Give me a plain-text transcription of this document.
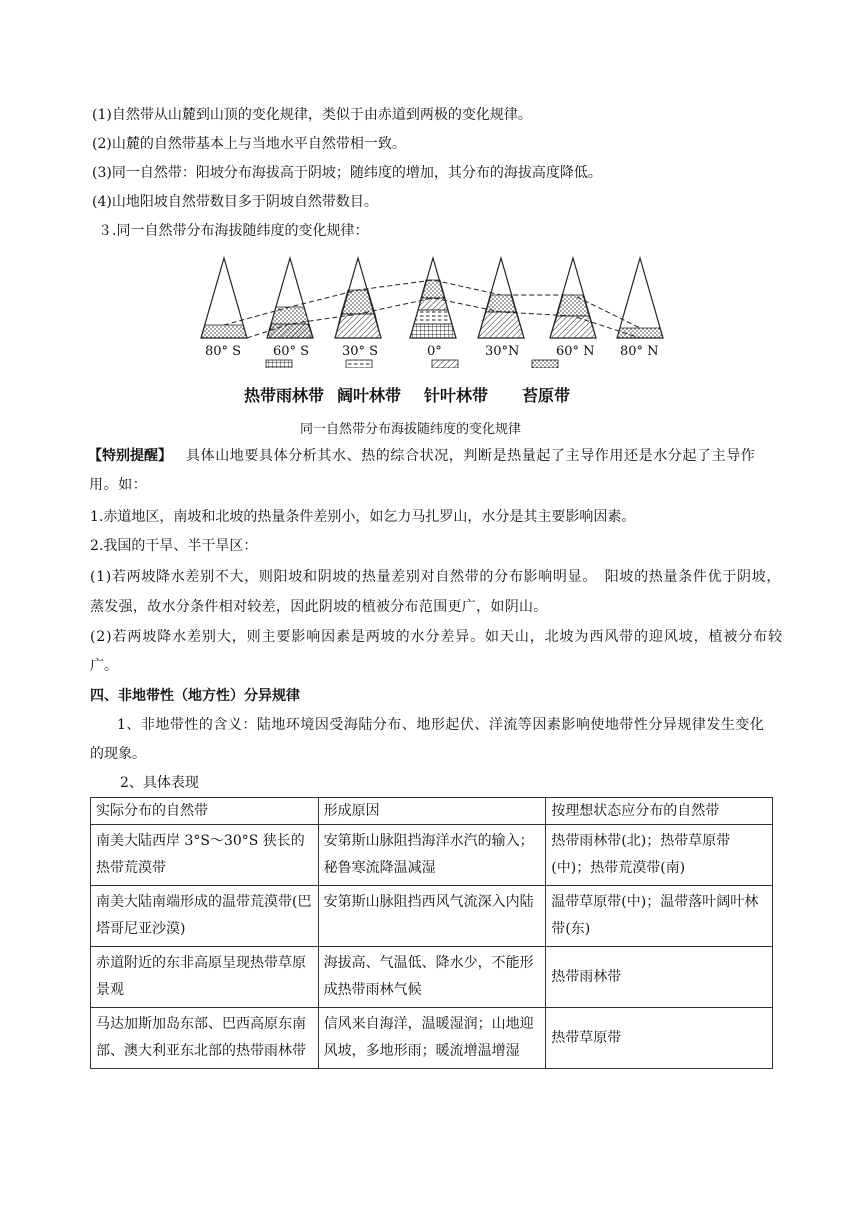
(1)自然带从山麓到山顶的变化规律，类似于由赤道到两极的变化规律。
(2)山麓的自然带基本上与当地水平自然带相一致。
(3)同一自然带：阳坡分布海拔高于阴坡；随纬度的增加，其分布的海拔高度降低。
(4)山地阳坡自然带数目多于阴坡自然带数目。
３.同一自然带分布海拔随纬度的变化规律：
80° S 60° S	30° S	0°	30°N	60° N 80° N
热带雨林带 阔叶林带 针叶林带 苔原带
同一自然带分布海拔随纬度的变化规律
【特别提醒】 具体山地要具体分析其水、热的综合状况，判断是热量起了主导作用还是水分起了主导作
用。如：
1.赤道地区，南坡和北坡的热量条件差别小，如乞力马扎罗山，水分是其主要影响因素。
2.我国的干旱、半干旱区：
(1)若两坡降水差别不大，则阳坡和阴坡的热量差别对自然带的分布影响明显。　阳坡的热量条件优于阴坡，
蒸发强，故水分条件相对较差，因此阴坡的植被分布范围更广，如阴山。
(2)若两坡降水差别大，则主要影响因素是两坡的水分差异。如天山，北坡为西风带的迎风坡，植被分布较
广。
四、非地带性（地方性）分异规律
1、非地带性的含义：陆地环境因受海陆分布、地形起伏、洋流等因素影响使地带性分异规律发生变化
的现象。
2、具体表现
实际分布的自然带	形成原因	按理想状态应分布的自然带
南美大陆西岸 3°S～30°S 狭长的热带荒漠带	安第斯山脉阻挡海洋水汽的输入；秘鲁寒流降温减湿	热带雨林带(北)；热带草原带(中)；热带荒漠带(南)
南美大陆南端形成的温带荒漠带(巴塔哥尼亚沙漠)	安第斯山脉阻挡西风气流深入内陆	温带草原带(中)；温带落叶阔叶林带(东)
赤道附近的东非高原呈现热带草原景观	海拔高、气温低、降水少，不能形成热带雨林气候	热带雨林带
马达加斯加岛东部、巴西高原东南部、澳大利亚东北部的热带雨林带	信风来自海洋，温暖湿润；山地迎风坡，多地形雨；暖流增温增湿	热带草原带
